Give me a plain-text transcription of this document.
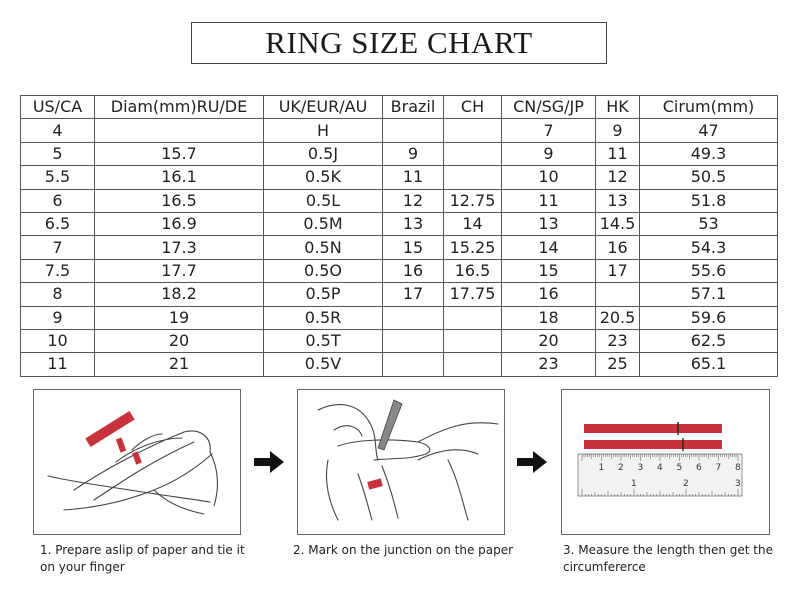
RING SIZE CHART
US/CA	Diam(mm)RU/DE	UK/EUR/AU	Brazil	CH	CN/SG/JP	HK	Cirum(mm)
4		H			7	9	47
5	15.7	0.5J	9		9	11	49.3
5.5	16.1	0.5K	11		10	12	50.5
6	16.5	0.5L	12	12.75	11	13	51.8
6.5	16.9	0.5M	13	14	13	14.5	53
7	17.3	0.5N	15	15.25	14	16	54.3
7.5	17.7	0.5O	16	16.5	15	17	55.6
8	18.2	0.5P	17	17.75	16		57.1
9	19	0.5R			18	20.5	59.6
10	20	0.5T			20	23	62.5
11	21	0.5V			23	25	65.1
1 2 3 4 5 6 7 8
1	2	3
1. Prepare aslip of paper and tie it
on your finger
2. Mark on the junction on the paper	3. Measure the length then get the
circumfererce
